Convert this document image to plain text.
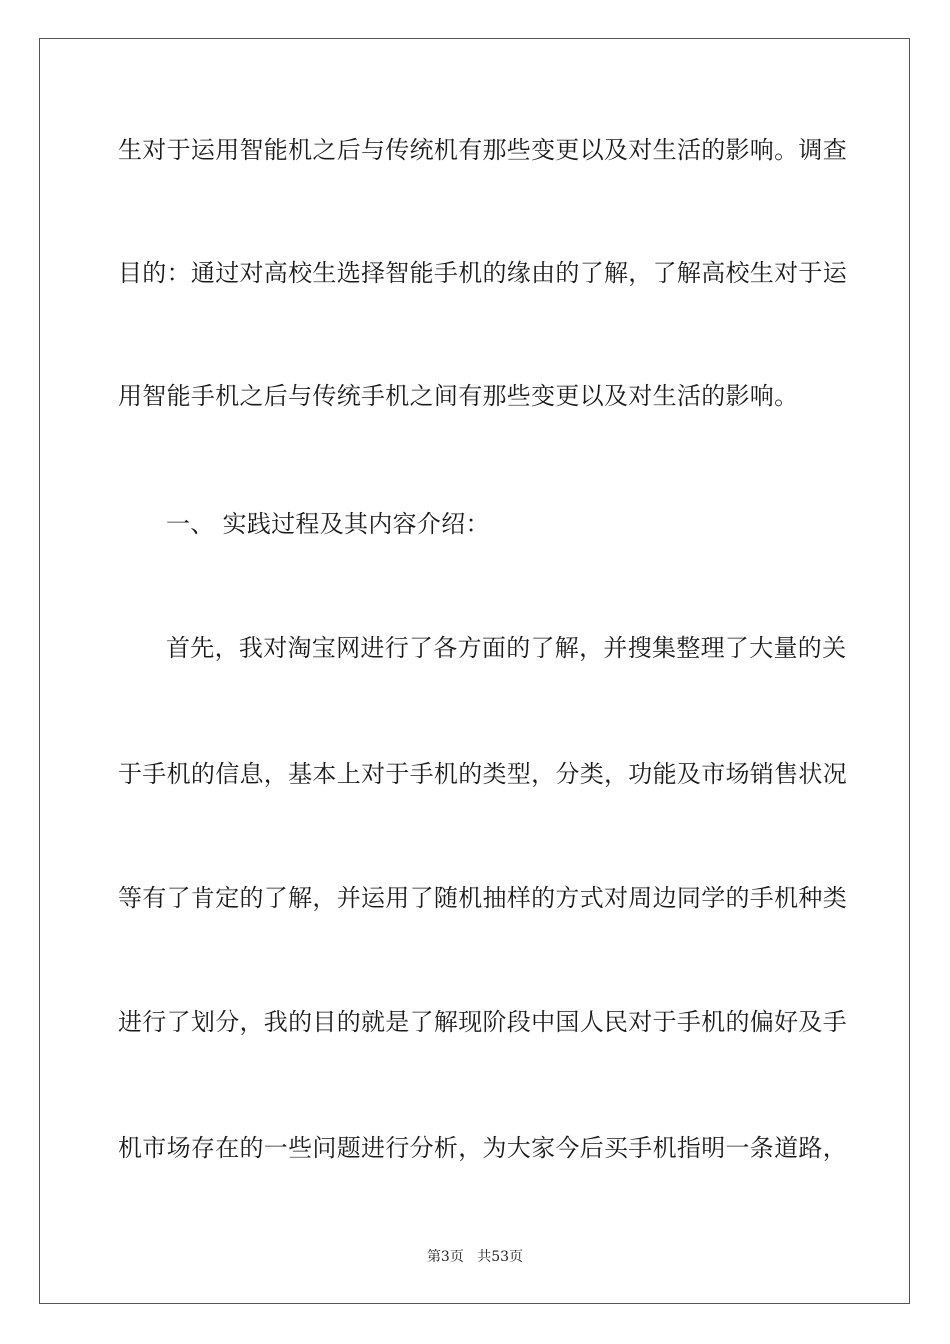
生对于运用智能机之后与传统机有那些变更以及对生活的影响。调查
目的：通过对高校生选择智能手机的缘由的了解，了解高校生对于运
用智能手机之后与传统手机之间有那些变更以及对生活的影响。
一、 实践过程及其内容介绍：
首先，我对淘宝网进行了各方面的了解，并搜集整理了大量的关
于手机的信息，基本上对于手机的类型，分类，功能及市场销售状况
等有了肯定的了解，并运用了随机抽样的方式对周边同学的手机种类
进行了划分，我的目的就是了解现阶段中国人民对于手机的偏好及手
机市场存在的一些问题进行分析，为大家今后买手机指明一条道路，
第3页 共53页
